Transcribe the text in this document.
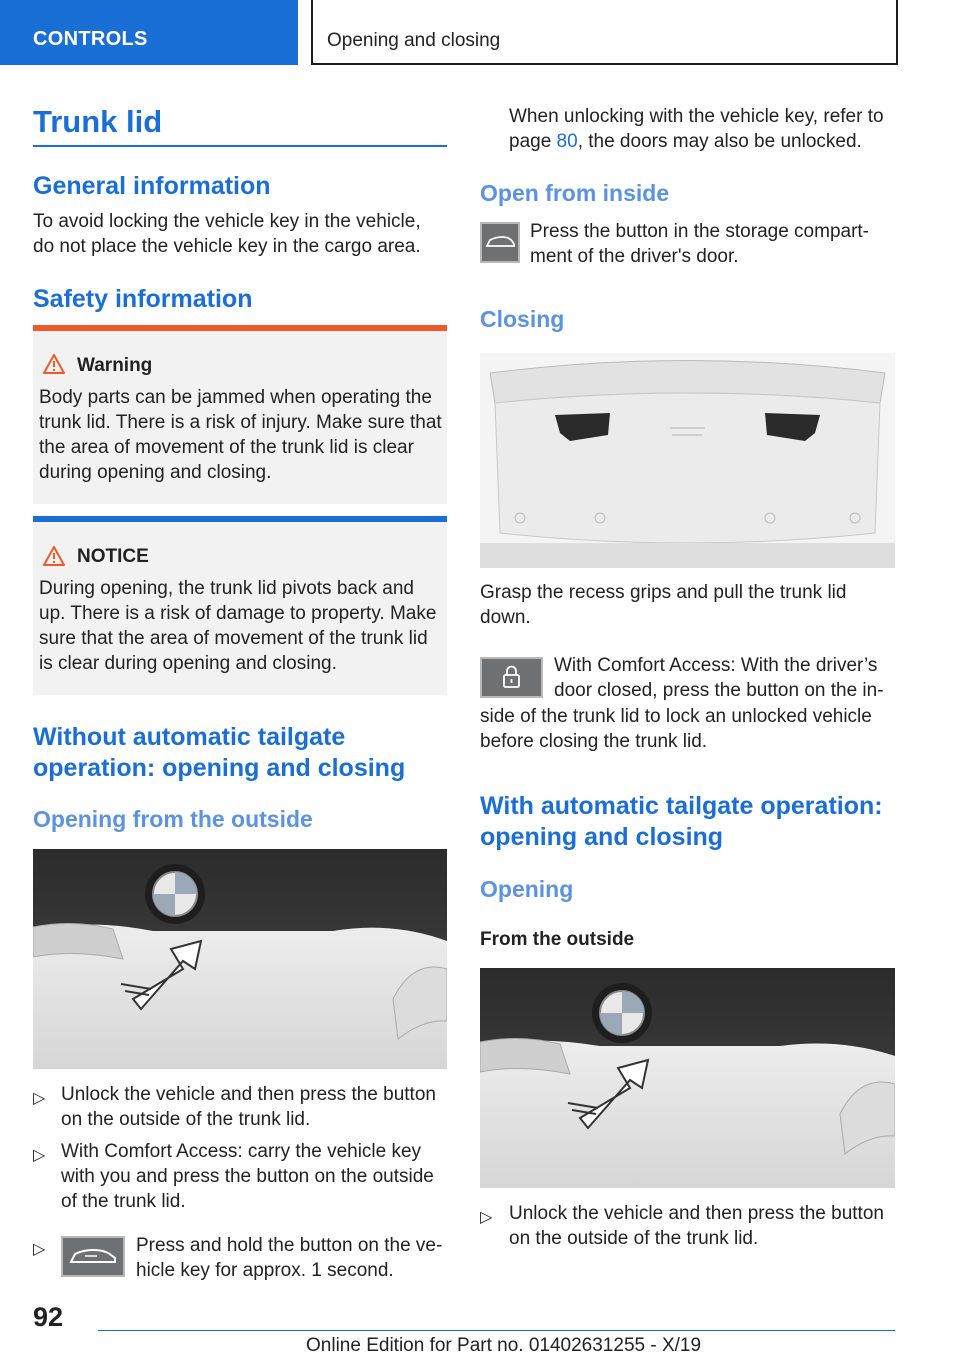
CONTROLS	Opening and closing
Trunk lid
General information
To avoid locking the vehicle key in the vehicle, do not place the vehicle key in the cargo area.
Safety information
Warning
Body parts can be jammed when operating the trunk lid. There is a risk of injury. Make sure that the area of movement of the trunk lid is clear during opening and closing.
NOTICE
During opening, the trunk lid pivots back and up. There is a risk of damage to property. Make sure that the area of movement of the trunk lid is clear during opening and closing.
Without automatic tailgate operation: opening and closing
Opening from the outside
▷ Unlock the vehicle and then press the button on the outside of the trunk lid.
▷ With Comfort Access: carry the vehicle key with you and press the button on the outside of the trunk lid.
▷	Press and hold the button on the ve-
hicle key for approx. 1 second.
When unlocking with the vehicle key, refer to page 80, the doors may also be unlocked.
Open from inside
Press the button in the storage compart-
ment of the driver's door.
Closing
Grasp the recess grips and pull the trunk lid down.
With Comfort Access: With the driver’s
door closed, press the button on the in-
side of the trunk lid to lock an unlocked vehicle before closing the trunk lid.
With automatic tailgate operation: opening and closing
Opening
From the outside
▷ Unlock the vehicle and then press the button on the outside of the trunk lid.
92
Online Edition for Part no. 01402631255 - X/19
